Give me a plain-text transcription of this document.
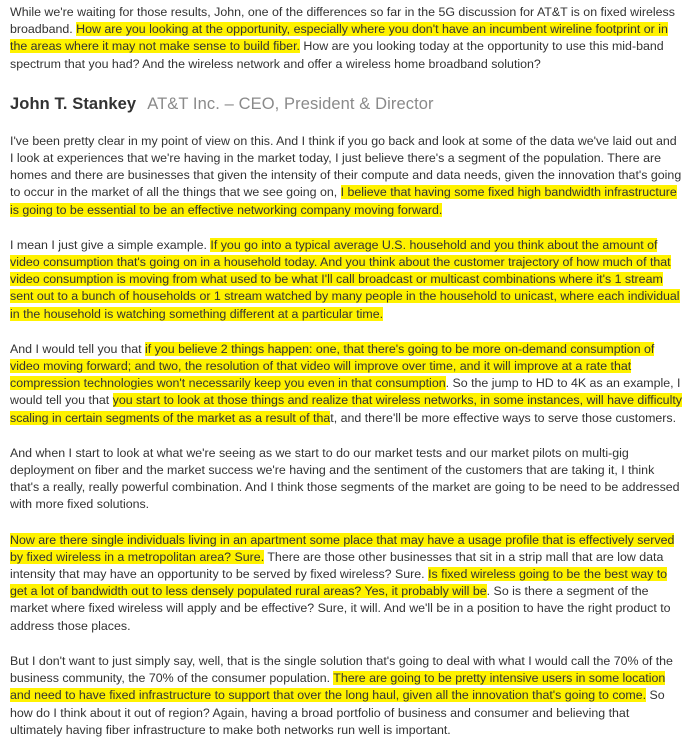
While we're waiting for those results, John, one of the differences so far in the 5G discussion for AT&T is on fixed wireless broadband. How are you looking at the opportunity, especially where you don't have an incumbent wireline footprint or in the areas where it may not make sense to build fiber. How are you looking today at the opportunity to use this mid-band spectrum that you had? And the wireless network and offer a wireless home broadband solution?

John T. Stankey AT&T Inc. – CEO, President & Director

I've been pretty clear in my point of view on this. And I think if you go back and look at some of the data we've laid out and I look at experiences that we're having in the market today, I just believe there's a segment of the population. There are homes and there are businesses that given the intensity of their compute and data needs, given the innovation that's going to occur in the market of all the things that we see going on, I believe that having some fixed high bandwidth infrastructure is going to be essential to be an effective networking company moving forward.

I mean I just give a simple example. If you go into a typical average U.S. household and you think about the amount of video consumption that's going on in a household today. And you think about the customer trajectory of how much of that video consumption is moving from what used to be what I'll call broadcast or multicast combinations where it's 1 stream sent out to a bunch of households or 1 stream watched by many people in the household to unicast, where each individual in the household is watching something different at a particular time.

And I would tell you that if you believe 2 things happen: one, that there's going to be more on-demand consumption of video moving forward; and two, the resolution of that video will improve over time, and it will improve at a rate that compression technologies won't necessarily keep you even in that consumption. So the jump to HD to 4K as an example, I would tell you that you start to look at those things and realize that wireless networks, in some instances, will have difficulty scaling in certain segments of the market as a result of that, and there'll be more effective ways to serve those customers.

And when I start to look at what we're seeing as we start to do our market tests and our market pilots on multi-gig deployment on fiber and the market success we're having and the sentiment of the customers that are taking it, I think that's a really, really powerful combination. And I think those segments of the market are going to be need to be addressed with more fixed solutions.

Now are there single individuals living in an apartment some place that may have a usage profile that is effectively served by fixed wireless in a metropolitan area? Sure. There are those other businesses that sit in a strip mall that are low data intensity that may have an opportunity to be served by fixed wireless? Sure. Is fixed wireless going to be the best way to get a lot of bandwidth out to less densely populated rural areas? Yes, it probably will be. So is there a segment of the market where fixed wireless will apply and be effective? Sure, it will. And we'll be in a position to have the right product to address those places.

But I don't want to just simply say, well, that is the single solution that's going to deal with what I would call the 70% of the business community, the 70% of the consumer population. There are going to be pretty intensive users in some location and need to have fixed infrastructure to support that over the long haul, given all the innovation that's going to come. So how do I think about it out of region? Again, having a broad portfolio of business and consumer and believing that ultimately having fiber infrastructure to make both networks run well is important.
